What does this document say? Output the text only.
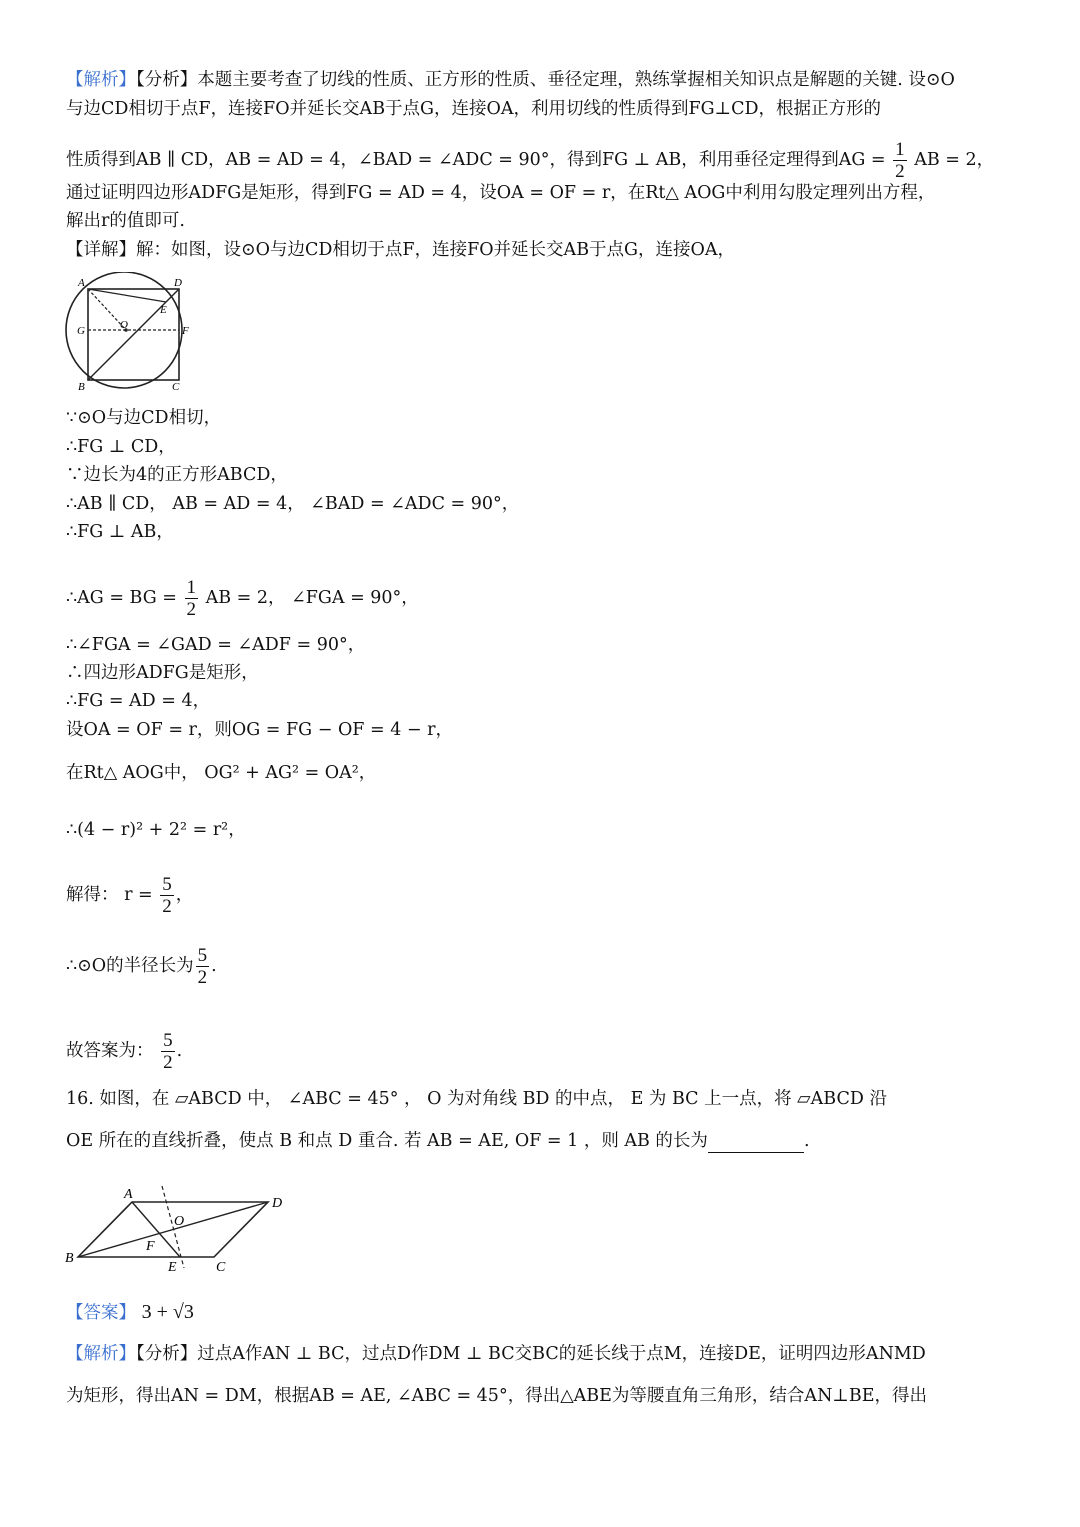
【解析】【分析】本题主要考查了切线的性质、正方形的性质、垂径定理，熟练掌握相关知识点是解题的关键. 设⊙O
与边CD相切于点F，连接FO并延长交AB于点G，连接OA，利用切线的性质得到FG⊥CD，根据正方形的
性质得到AB ∥ CD，AB = AD = 4，∠BAD = ∠ADC = 90°，得到FG ⊥ AB，利用垂径定理得到AG = $\frac{1}{2}$ AB = 2，
通过证明四边形ADFG是矩形，得到FG = AD = 4，设OA = OF = r，在Rt△ AOG中利用勾股定理列出方程，
解出r的值即可.
【详解】解：如图，设⊙O与边CD相切于点F，连接FO并延长交AB于点G，连接OA，
A	D
E
O
G	F
B	C
∵⊙O与边CD相切，
∴FG ⊥ CD，
∵边长为4的正方形ABCD，
∴AB ∥ CD， AB = AD = 4， ∠BAD = ∠ADC = 90°，
∴FG ⊥ AB，
∴AG = BG = $\frac{1}{2}$ AB = 2， ∠FGA = 90°，
∴∠FGA = ∠GAD = ∠ADF = 90°，
∴四边形ADFG是矩形，
∴FG = AD = 4，
设OA = OF = r，则OG = FG − OF = 4 − r，
在Rt△ AOG中， OG² + AG² = OA²，
∴(4 − r)² + 2² = r²，
解得： $r = \frac{5}{2}$ ，
∴⊙O的半径长为 $\frac{5}{2}$ .
故答案为： $\frac{5}{2}$ .
16. 如图，在 ▱ABCD 中， ∠ABC = 45° ， O 为对角线 BD 的中点， E 为 BC 上一点，将 ▱ABCD 沿
OE 所在的直线折叠，使点 B 和点 D 重合. 若 AB = AE, OF = 1 ，则 AB 的长为	.
A
D
O
F
B
E	C
【答案】 3 + √3
【解析】【分析】过点A作AN ⊥ BC，过点D作DM ⊥ BC交BC的延长线于点M，连接DE，证明四边形ANMD
为矩形，得出AN = DM，根据AB = AE, ∠ABC = 45°，得出△ABE为等腰直角三角形，结合AN⊥BE，得出
